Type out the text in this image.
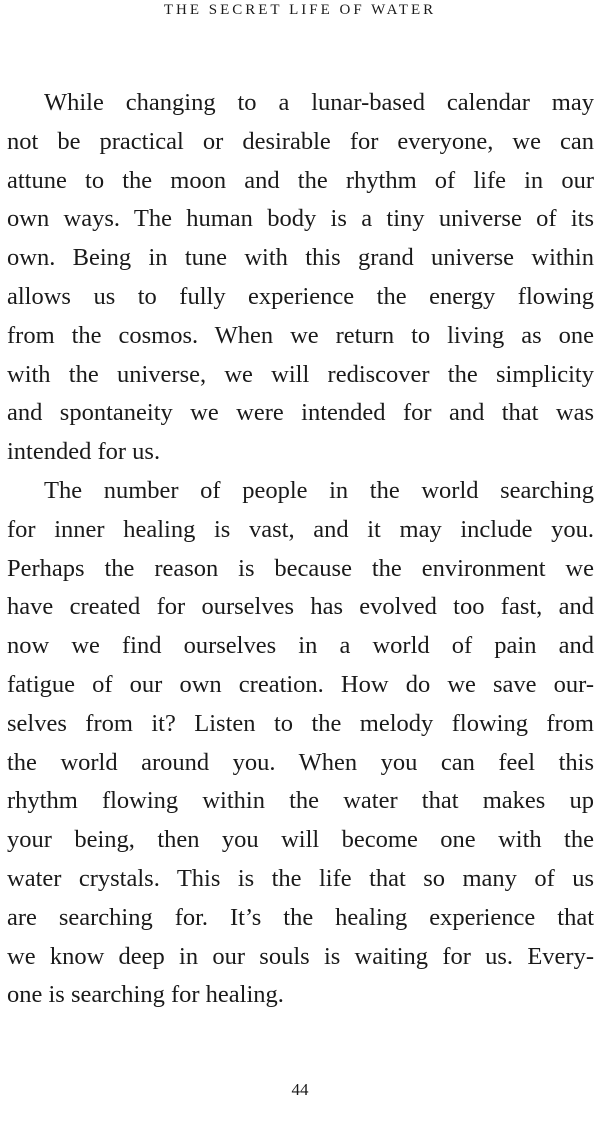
THE SECRET LIFE OF WATER
While changing to a lunar-based calendar may
not be practical or desirable for everyone, we can
attune to the moon and the rhythm of life in our
own ways. The human body is a tiny universe of its
own. Being in tune with this grand universe within
allows us to fully experience the energy flowing
from the cosmos. When we return to living as one
with the universe, we will rediscover the simplicity
and spontaneity we were intended for and that was
intended for us.
The number of people in the world searching
for inner healing is vast, and it may include you.
Perhaps the reason is because the environment we
have created for ourselves has evolved too fast, and
now we find ourselves in a world of pain and
fatigue of our own creation. How do we save our-
selves from it? Listen to the melody flowing from
the world around you. When you can feel this
rhythm flowing within the water that makes up
your being, then you will become one with the
water crystals. This is the life that so many of us
are searching for. It’s the healing experience that
we know deep in our souls is waiting for us. Every-
one is searching for healing.
44
